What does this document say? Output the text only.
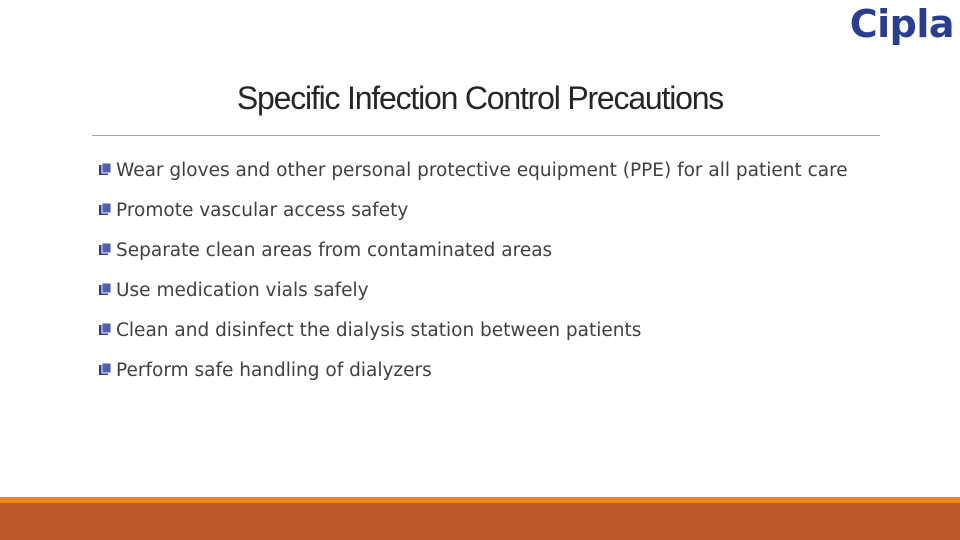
Cipla
Specific Infection Control Precautions
Wear gloves and other personal protective equipment (PPE) for all patient care
Promote vascular access safety
Separate clean areas from contaminated areas
Use medication vials safely
Clean and disinfect the dialysis station between patients
Perform safe handling of dialyzers
